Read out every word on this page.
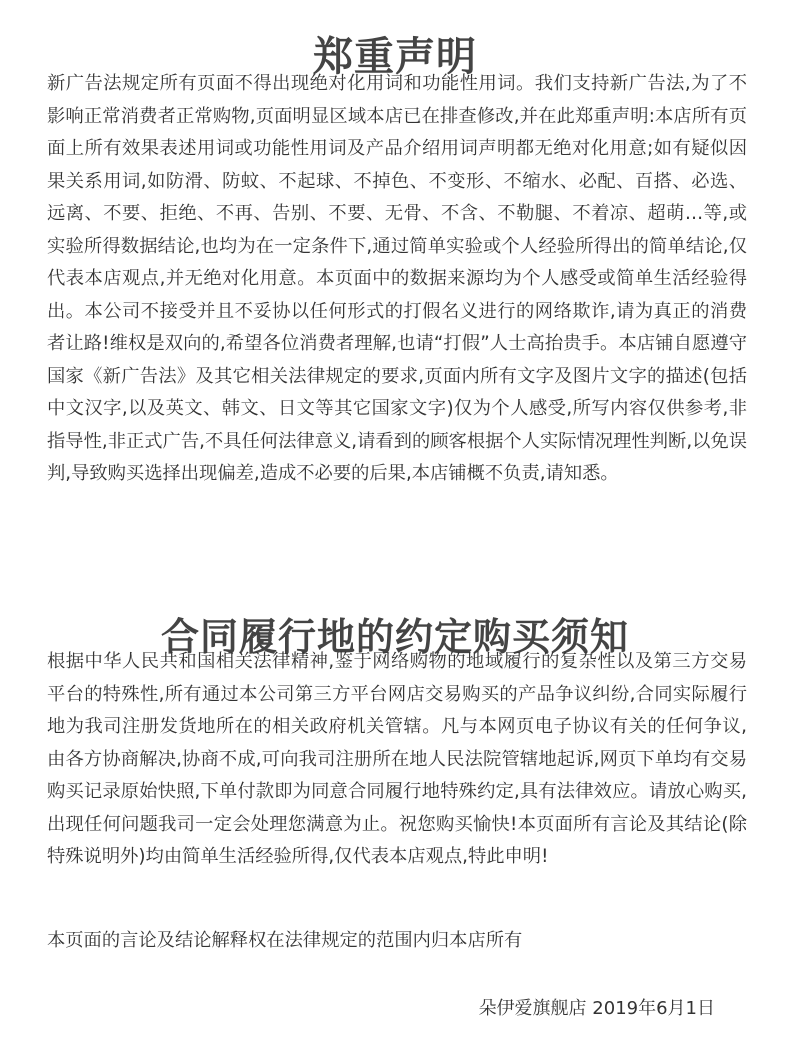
郑重声明
新广告法规定所有页面不得出现绝对化用词和功能性用词。我们支持新广告法,为了不影响正常消费者正常购物,页面明显区域本店已在排查修改,并在此郑重声明:本店所有页面上所有效果表述用词或功能性用词及产品介绍用词声明都无绝对化用意;如有疑似因果关系用词,如防滑、防蚊、不起球、不掉色、不变形、不缩水、必配、百搭、必选、远离、不要、拒绝、不再、告别、不要、无骨、不含、不勒腿、不着凉、超萌…等,或实验所得数据结论,也均为在一定条件下,通过简单实验或个人经验所得出的简单结论,仅代表本店观点,并无绝对化用意。本页面中的数据来源均为个人感受或简单生活经验得出。本公司不接受并且不妥协以任何形式的打假名义进行的网络欺诈,请为真正的消费者让路!维权是双向的,希望各位消费者理解,也请“打假”人士高抬贵手。本店铺自愿遵守国家《新广告法》及其它相关法律规定的要求,页面内所有文字及图片文字的描述(包括中文汉字,以及英文、韩文、日文等其它国家文字)仅为个人感受,所写内容仅供参考,非指导性,非正式广告,不具任何法律意义,请看到的顾客根据个人实际情况理性判断,以免误判,导致购买选择出现偏差,造成不必要的后果,本店铺概不负责,请知悉。
合同履行地的约定购买须知
根据中华人民共和国相关法律精神,鉴于网络购物的地域履行的复杂性以及第三方交易平台的特殊性,所有通过本公司第三方平台网店交易购买的产品争议纠纷,合同实际履行地为我司注册发货地所在的相关政府机关管辖。凡与本网页电子协议有关的任何争议,由各方协商解决,协商不成,可向我司注册所在地人民法院管辖地起诉,网页下单均有交易购买记录原始快照,下单付款即为同意合同履行地特殊约定,具有法律效应。请放心购买,出现任何问题我司一定会处理您满意为止。祝您购买愉快!本页面所有言论及其结论(除特殊说明外)均由简单生活经验所得,仅代表本店观点,特此申明!
本页面的言论及结论解释权在法律规定的范围内归本店所有
朵伊爱旗舰店 2019年6月1日
